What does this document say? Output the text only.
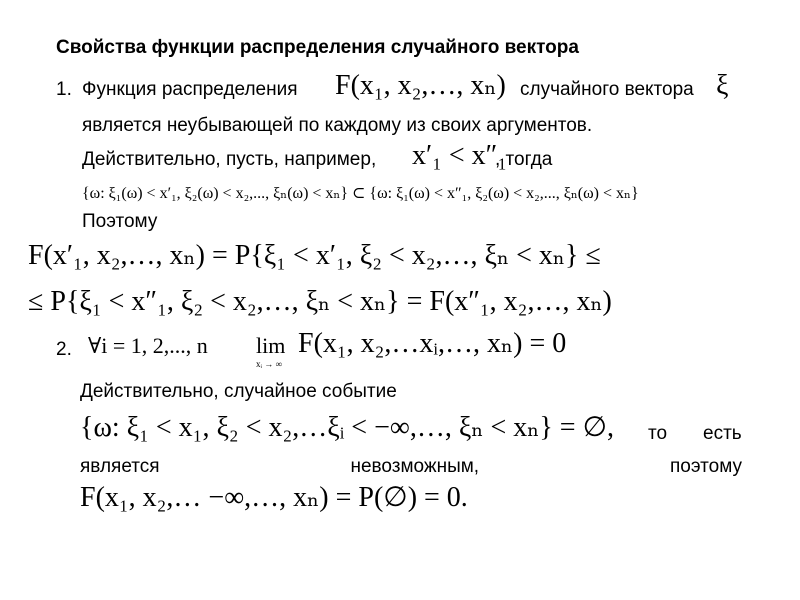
Свойства функции распределения случайного вектора
1. Функция распределения F(x₁, x₂,…, xₙ) случайного вектора ξ
является неубывающей по каждому из своих аргументов.
Действительно, пусть, например, x′₁ < x″₁
, тогда
{ω: ξ₁(ω) < x′₁, ξ₂(ω) < x₂,..., ξₙ(ω) < xₙ} ⊂ {ω: ξ₁(ω) < x″₁, ξ₂(ω) < x₂,..., ξₙ(ω) < xₙ}
Поэтому
F(x′₁, x₂,…, xₙ) = P{ξ₁ < x′₁, ξ₂ < x₂,…, ξₙ < xₙ} ≤
≤ P{ξ₁ < x″₁, ξ₂ < x₂,…, ξₙ < xₙ} = F(x″₁, x₂,…, xₙ)
2. ∀i = 1, 2,..., n lim
xᵢ → ∞
F(x₁, x₂,…xᵢ,…, xₙ) = 0
Действительно, случайное событие
{ω: ξ₁ < x₁, ξ₂ < x₂,…ξᵢ < −∞,…, ξₙ < xₙ} = ∅, то есть
является	невозможным,	поэтому
F(x₁, x₂,… −∞,…, xₙ) = P(∅) = 0.
